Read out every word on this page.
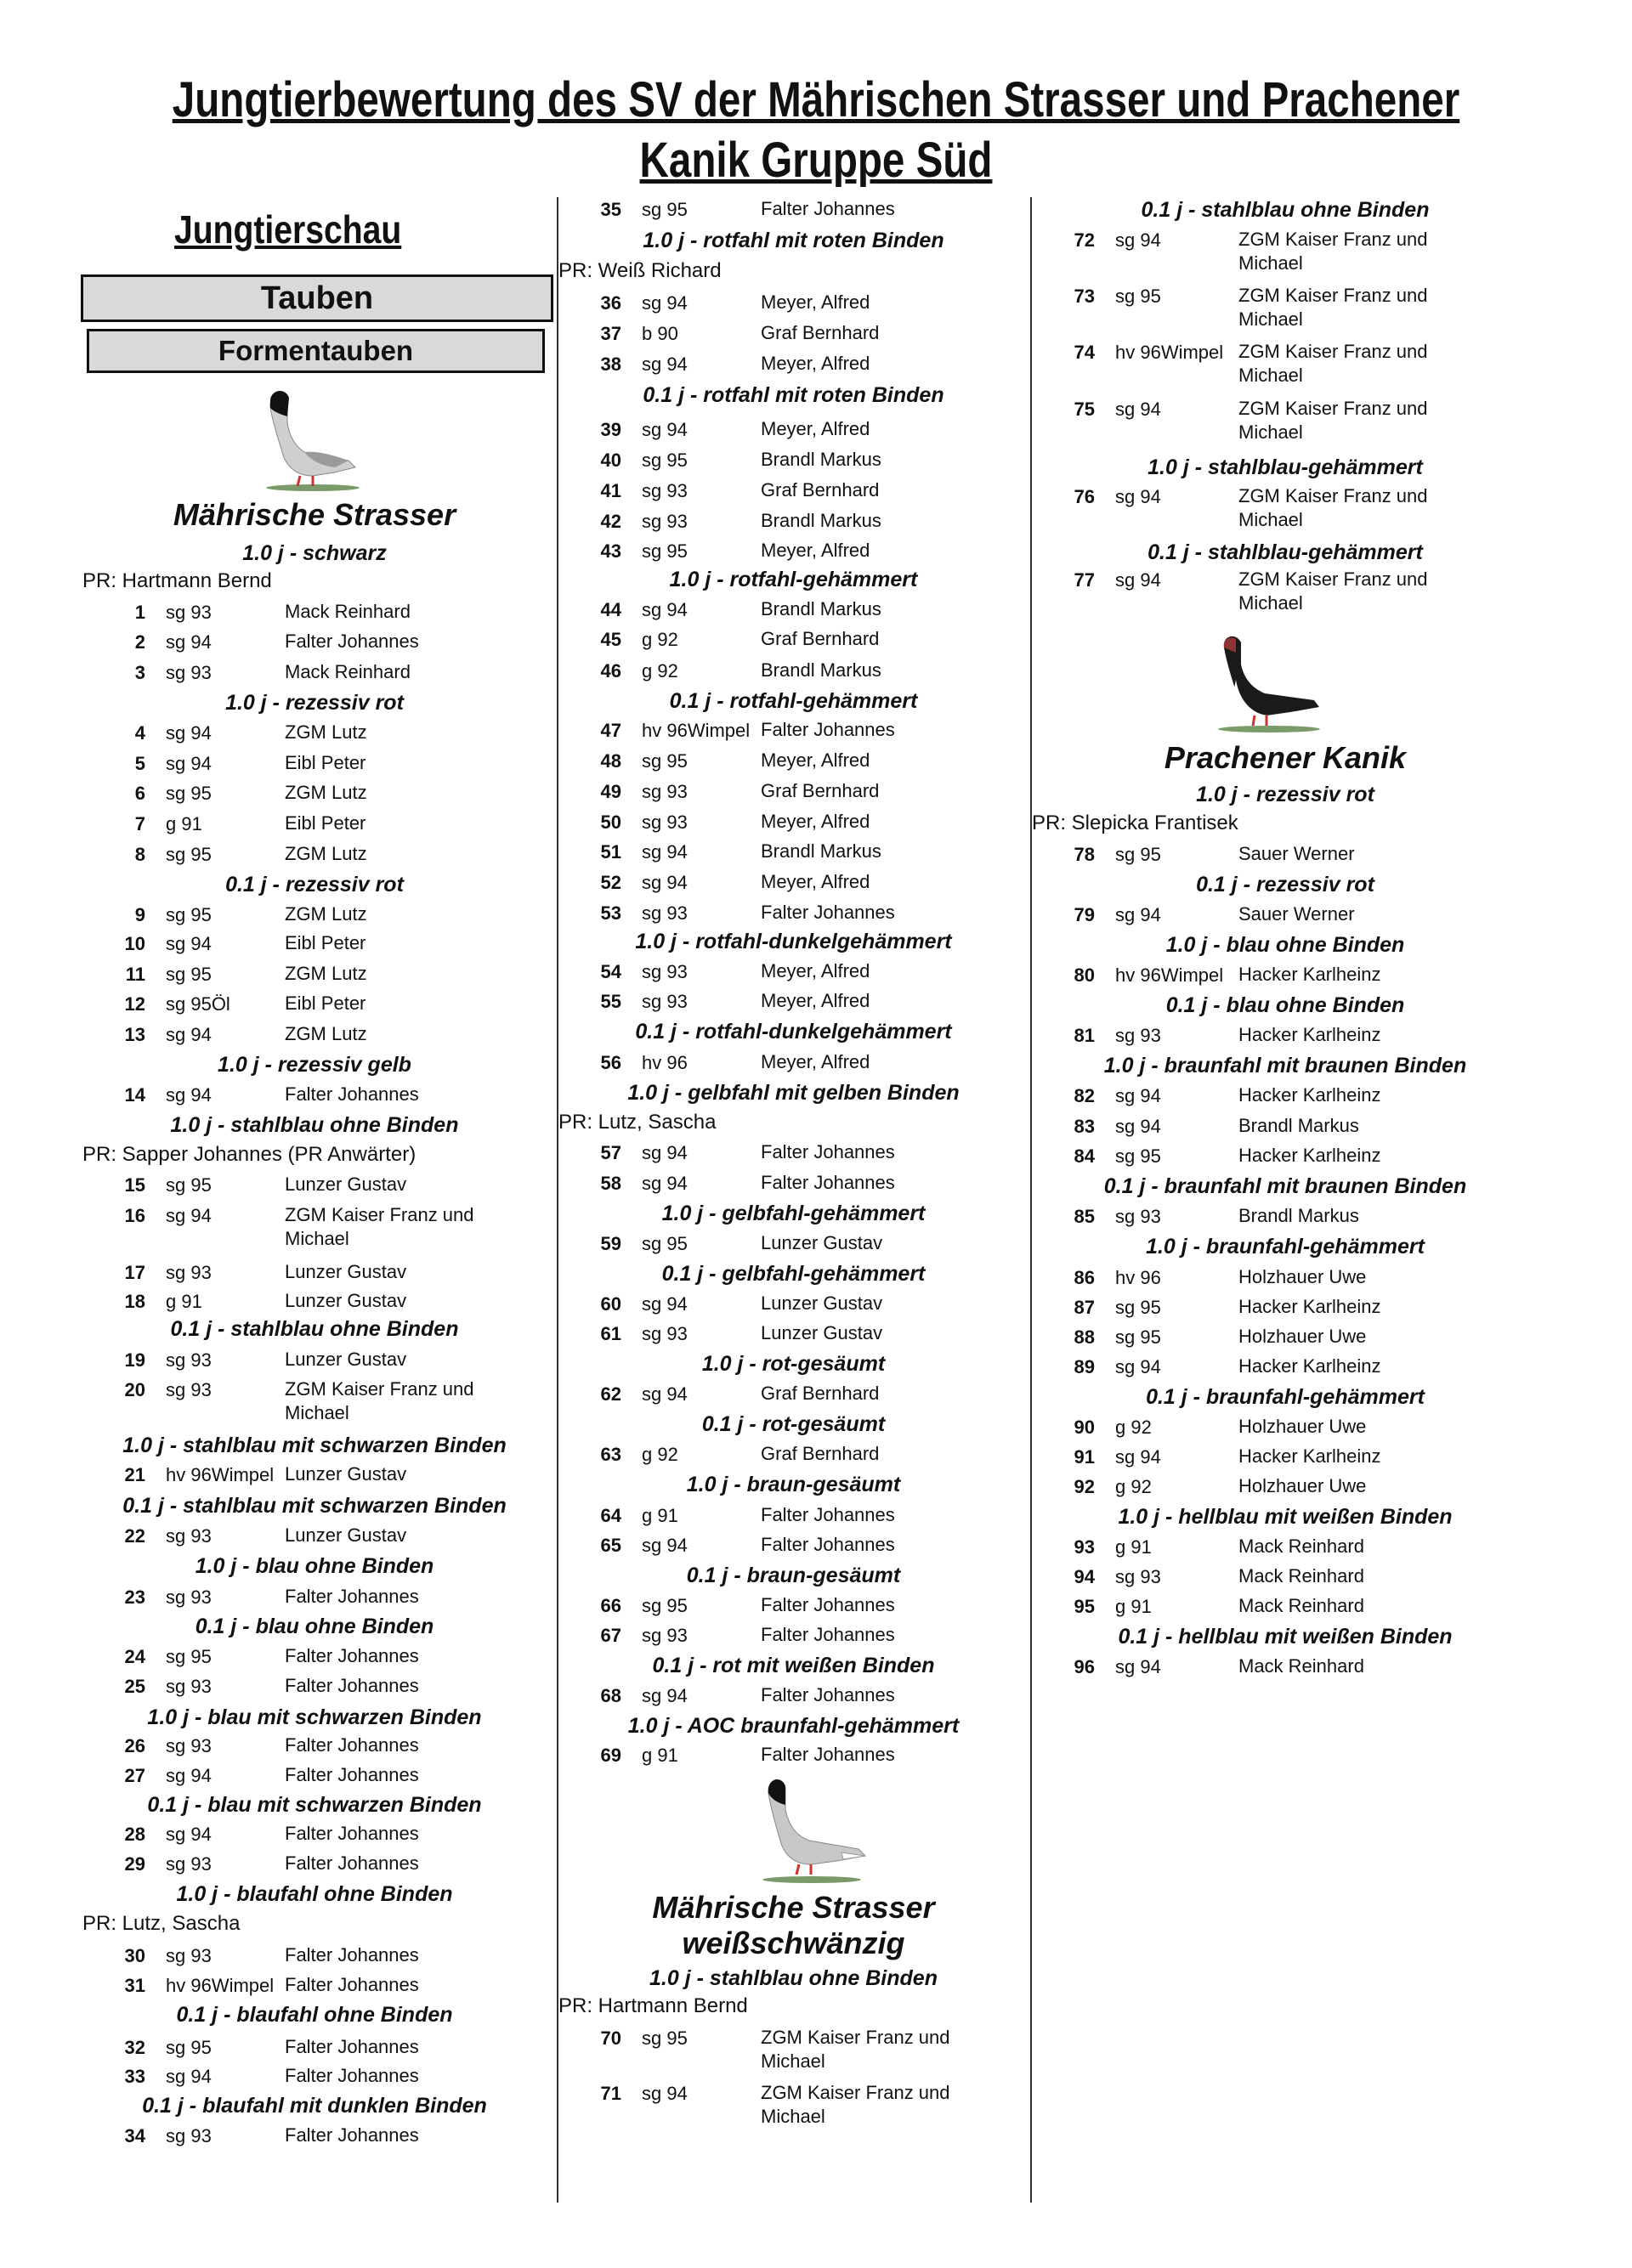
Jungtierbewertung des SV der Mährischen Strasser und Prachener
Kanik Gruppe Süd
Jungtierschau
Tauben
Formentauben
Mährische Strasser
1.0 j - schwarz
PR: Hartmann Bernd
1 sg 93	Mack Reinhard
2 sg 94	Falter Johannes
3 sg 93	Mack Reinhard
1.0 j - rezessiv rot
4 sg 94	ZGM Lutz
5 sg 94	Eibl Peter
6 sg 95	ZGM Lutz
7 g 91	Eibl Peter
8 sg 95	ZGM Lutz
0.1 j - rezessiv rot
9 sg 95	ZGM Lutz
10 sg 94	Eibl Peter
11 sg 95	ZGM Lutz
12 sg 95Öl	Eibl Peter
13 sg 94	ZGM Lutz
1.0 j - rezessiv gelb
14 sg 94	Falter Johannes
1.0 j - stahlblau ohne Binden
PR: Sapper Johannes (PR Anwärter)
15 sg 95	Lunzer Gustav
16 sg 94	ZGM Kaiser Franz und Michael
17 sg 93	Lunzer Gustav
18 g 91	Lunzer Gustav
0.1 j - stahlblau ohne Binden
19 sg 93	Lunzer Gustav
20 sg 93	ZGM Kaiser Franz und Michael
1.0 j - stahlblau mit schwarzen Binden
21 hv 96Wimpel Lunzer Gustav
0.1 j - stahlblau mit schwarzen Binden
22 sg 93	Lunzer Gustav
1.0 j - blau ohne Binden
23 sg 93	Falter Johannes
0.1 j - blau ohne Binden
24 sg 95	Falter Johannes
25 sg 93	Falter Johannes
1.0 j - blau mit schwarzen Binden
26 sg 93	Falter Johannes
27 sg 94	Falter Johannes
0.1 j - blau mit schwarzen Binden
28 sg 94	Falter Johannes
29 sg 93	Falter Johannes
1.0 j - blaufahl ohne Binden
PR: Lutz, Sascha
30 sg 93	Falter Johannes
31 hv 96Wimpel Falter Johannes
0.1 j - blaufahl ohne Binden
32 sg 95	Falter Johannes
33 sg 94	Falter Johannes
0.1 j - blaufahl mit dunklen Binden
34 sg 93	Falter Johannes
35 sg 95	Falter Johannes
1.0 j - rotfahl mit roten Binden
PR: Weiß Richard
36 sg 94	Meyer, Alfred
37 b 90	Graf Bernhard
38 sg 94	Meyer, Alfred
0.1 j - rotfahl mit roten Binden
39 sg 94	Meyer, Alfred
40 sg 95	Brandl Markus
41 sg 93	Graf Bernhard
42 sg 93	Brandl Markus
43 sg 95	Meyer, Alfred
1.0 j - rotfahl-gehämmert
44 sg 94	Brandl Markus
45 g 92	Graf Bernhard
46 g 92	Brandl Markus
0.1 j - rotfahl-gehämmert
47 hv 96Wimpel Falter Johannes
48 sg 95	Meyer, Alfred
49 sg 93	Graf Bernhard
50 sg 93	Meyer, Alfred
51 sg 94	Brandl Markus
52 sg 94	Meyer, Alfred
53 sg 93	Falter Johannes
1.0 j - rotfahl-dunkelgehämmert
54 sg 93	Meyer, Alfred
55 sg 93	Meyer, Alfred
0.1 j - rotfahl-dunkelgehämmert
56 hv 96	Meyer, Alfred
1.0 j - gelbfahl mit gelben Binden
PR: Lutz, Sascha
57 sg 94	Falter Johannes
58 sg 94	Falter Johannes
1.0 j - gelbfahl-gehämmert
59 sg 95	Lunzer Gustav
0.1 j - gelbfahl-gehämmert
60 sg 94	Lunzer Gustav
61 sg 93	Lunzer Gustav
1.0 j - rot-gesäumt
62 sg 94	Graf Bernhard
0.1 j - rot-gesäumt
63 g 92	Graf Bernhard
1.0 j - braun-gesäumt
64 g 91	Falter Johannes
65 sg 94	Falter Johannes
0.1 j - braun-gesäumt
66 sg 95	Falter Johannes
67 sg 93	Falter Johannes
0.1 j - rot mit weißen Binden
68 sg 94	Falter Johannes
1.0 j - AOC braunfahl-gehämmert
69 g 91	Falter Johannes
Mährische Strasser
weißschwänzig
1.0 j - stahlblau ohne Binden
PR: Hartmann Bernd
70 sg 95	ZGM Kaiser Franz und Michael
71 sg 94	ZGM Kaiser Franz und Michael
0.1 j - stahlblau ohne Binden
72 sg 94	ZGM Kaiser Franz und Michael
73 sg 95	ZGM Kaiser Franz und Michael
74 hv 96Wimpel ZGM Kaiser Franz und Michael
75 sg 94	ZGM Kaiser Franz und Michael
1.0 j - stahlblau-gehämmert
76 sg 94	ZGM Kaiser Franz und Michael
0.1 j - stahlblau-gehämmert
77 sg 94	ZGM Kaiser Franz und Michael
Prachener Kanik
1.0 j - rezessiv rot
PR: Slepicka Frantisek
78 sg 95	Sauer Werner
0.1 j - rezessiv rot
79 sg 94	Sauer Werner
1.0 j - blau ohne Binden
80 hv 96Wimpel Hacker Karlheinz
0.1 j - blau ohne Binden
81 sg 93	Hacker Karlheinz
1.0 j - braunfahl mit braunen Binden
82 sg 94	Hacker Karlheinz
83 sg 94	Brandl Markus
84 sg 95	Hacker Karlheinz
0.1 j - braunfahl mit braunen Binden
85 sg 93	Brandl Markus
1.0 j - braunfahl-gehämmert
86 hv 96	Holzhauer Uwe
87 sg 95	Hacker Karlheinz
88 sg 95	Holzhauer Uwe
89 sg 94	Hacker Karlheinz
0.1 j - braunfahl-gehämmert
90 g 92	Holzhauer Uwe
91 sg 94	Hacker Karlheinz
92 g 92	Holzhauer Uwe
1.0 j - hellblau mit weißen Binden
93 g 91	Mack Reinhard
94 sg 93	Mack Reinhard
95 g 91	Mack Reinhard
0.1 j - hellblau mit weißen Binden
96 sg 94	Mack Reinhard
